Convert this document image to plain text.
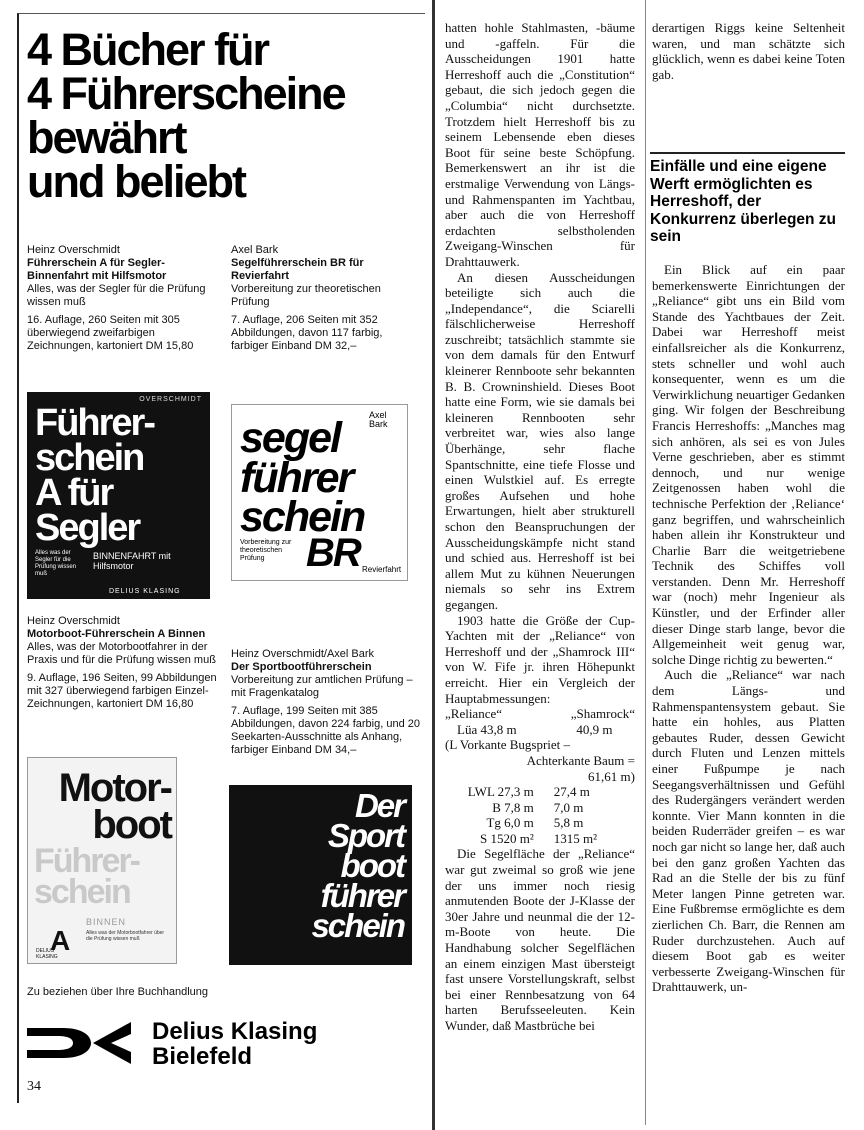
4 Bücher für
4 Führerscheine
bewährt
und beliebt
Heinz Overschmidt
Führerschein A für Segler-Binnenfahrt mit Hilfsmotor
Alles, was der Segler für die Prüfung wissen muß
16. Auflage, 260 Seiten mit 305 überwiegend zweifarbigen Zeichnungen, kartoniert DM 15,80
Axel Bark
Segelführerschein BR für Revierfahrt
Vorbereitung zur theoretischen Prüfung
7. Auflage, 206 Seiten mit 352 Abbildungen, davon 117 farbig, farbiger Einband DM 32,–
OVERSCHMIDT
Führer-
schein
A für
Segler
Alles was der Segler für die Prüfung wissen muß
BINNENFAHRT mit Hilfsmotor
DELIUS KLASING
Axel Bark
segel
führer
schein
Vorbereitung zur theoretischen Prüfung	BR Revierfahrt
Heinz Overschmidt
Motorboot-Führerschein A Binnen
Alles, was der Motorbootfahrer in der Praxis und für die Prüfung wissen muß
9. Auflage, 196 Seiten, 99 Abbildungen mit 327 überwiegend farbigen Einzel-Zeichnungen, kartoniert DM 16,80
Heinz Overschmidt/Axel Bark
Der Sportbootführerschein
Vorbereitung zur amtlichen Prüfung – mit Fragenkatalog
7. Auflage, 199 Seiten mit 385 Abbildungen, davon 224 farbig, und 20 Seekarten-Ausschnitte als Anhang, farbiger Einband DM 34,–
Motor-
boot
Führer-
schein
A
BINNEN
Alles was der Motorbootfahrer über die Prüfung wissen muß
DELIUS KLASING
Der
Sport
boot
führer
schein
Zu beziehen über Ihre Buchhandlung
Delius Klasing
Bielefeld
34

hatten hohle Stahlmasten, -bäume und -gaffeln. Für die Ausscheidungen 1901 hatte Herreshoff auch die „Constitution“ gebaut, die sich jedoch gegen die „Columbia“ nicht durchsetzte. Trotzdem hielt Herreshoff bis zu seinem Lebensende eben dieses Boot für seine beste Schöpfung. Bemerkenswert an ihr ist die erstmalige Verwendung von Längs- und Rahmenspanten im Yachtbau, aber auch die von Herreshoff erdachten selbstholenden Zweigang-Winschen für Drahttauwerk.

An diesen Ausscheidungen beteiligte sich auch die „Independance“, die Sciarelli fälschlicherweise Herreshoff zuschreibt; tatsächlich stammte sie von dem damals für den Entwurf kleinerer Rennboote sehr bekannten B. B. Crowninshield. Dieses Boot hatte eine Form, wie sie damals bei kleineren Rennbooten sehr verbreitet war, wies also lange Überhänge, sehr flache Spantschnitte, eine tiefe Flosse und einen Wulstkiel auf. Es erregte großes Aufsehen und hohe Erwartungen, hielt aber strukturell schon den Beanspruchungen der Ausscheidungskämpfe nicht stand und schied aus. Herreshoff ist bei allem Mut zu kühnen Neuerungen niemals so sehr ins Extrem gegangen.

1903 hatte die Größe der Cup-Yachten mit der „Reliance“ von Herreshoff und der „Shamrock III“ von W. Fife jr. ihren Höhepunkt erreicht. Hier ein Vergleich der Hauptabmessungen:

„Reliance“	„Shamrock“
Lüa 43,8 m	40,9 m
(L Vorkante Bugspriet –	
Achterkante Baum =	
61,61 m)	
LWL 27,3 m	27,4 m
B 7,8 m	7,0 m
Tg 6,0 m	5,8 m
S 1520 m²	1315 m²

Die Segelfläche der „Reliance“ war gut zweimal so groß wie jene der uns immer noch riesig anmutenden Boote der J-Klasse der 30er Jahre und neunmal die der 12-m-Boote von heute. Die Handhabung solcher Segelflächen an einem einzigen Mast übersteigt fast unsere Vorstellungskraft, selbst bei einer Rennbesatzung von 64 harten Berufsseeleuten. Kein Wunder, daß Mastbrüche bei

derartigen Riggs keine Seltenheit waren, und man schätzte sich glücklich, wenn es dabei keine Toten gab.

Einfälle und eine eigene Werft ermöglichten es Herreshoff, der Konkurrenz überlegen zu sein

Ein Blick auf ein paar bemerkenswerte Einrichtungen der „Reliance“ gibt uns ein Bild vom Stande des Yachtbaues der Zeit. Dabei war Herreshoff meist einfallsreicher als die Konkurrenz, stets schneller und wohl auch konsequenter, wenn es um die Verwirklichung neuartiger Gedanken ging. Wir folgen der Beschreibung Francis Herreshoffs: „Manches mag sich anhören, als sei es von Jules Verne geschrieben, aber es stimmt dennoch, und nur wenige Zeitgenossen haben wohl die technische Perfektion der ‚Reliance‘ ganz begriffen, und wahrscheinlich haben allein ihr Konstrukteur und Charlie Barr die weitgetriebene Technik des Schiffes voll verstanden. Denn Mr. Herreshoff war (noch) mehr Ingenieur als Künstler, und der Erfinder aller dieser Dinge starb lange, bevor die Allgemeinheit weit genug war, solche Dinge richtig zu bewerten.“

Auch die „Reliance“ war nach dem Längs- und Rahmenspantensystem gebaut. Sie hatte ein hohles, aus Platten gebautes Ruder, dessen Gewicht durch Fluten und Lenzen mittels einer Fußpumpe je nach Seegangsverhältnissen und Gefühl des Rudergängers verändert werden konnte. Vier Mann konnten in die beiden Ruderräder greifen – es war noch gar nicht so lange her, daß auch bei den ganz großen Yachten das Rad an die Stelle der bis zu fünf Meter langen Pinne getreten war. Eine Fußbremse ermöglichte es dem zierlichen Ch. Barr, die Rennen am Ruder durchzustehen. Auch auf diesem Boot gab es weiter verbesserte Zweigang-Winschen für Drahttauwerk, un-
